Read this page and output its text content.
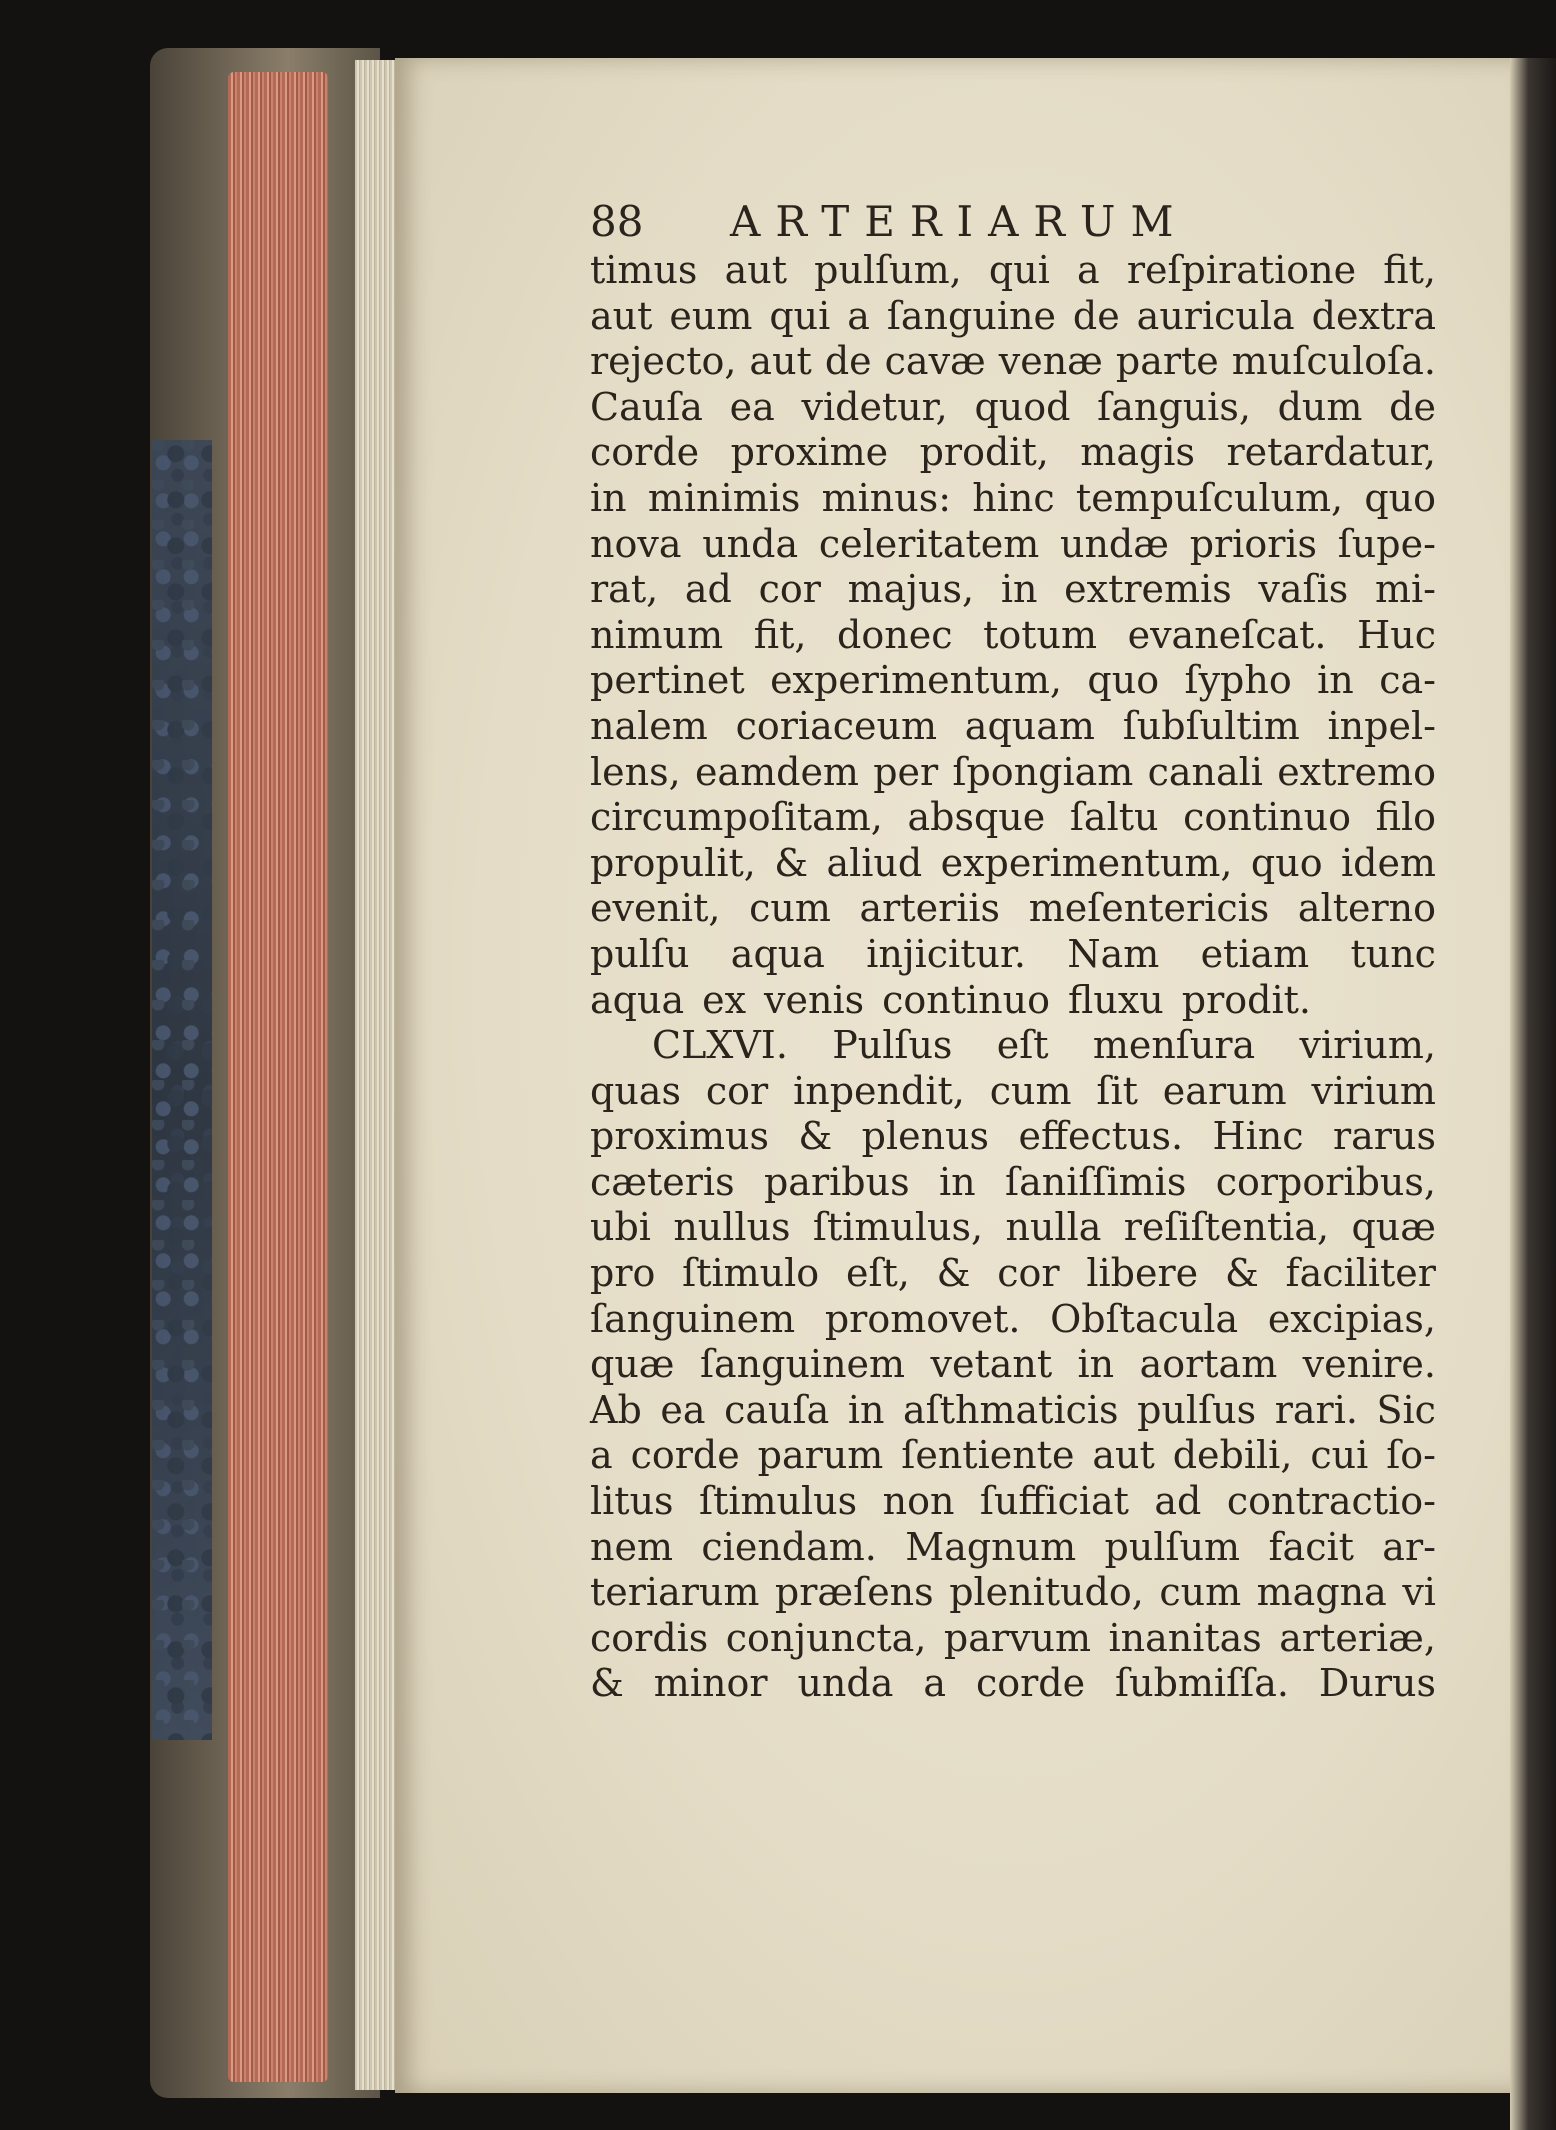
88	ARTERIARUM
timus aut pulſum, qui a reſpiratione fit,
aut eum qui a ſanguine de auricula dextra
rejecto, aut de cavæ venæ parte muſculoſa.
Cauſa ea videtur, quod ſanguis, dum de
corde proxime prodit, magis retardatur,
in minimis minus: hinc tempuſculum, quo
nova unda celeritatem undæ prioris ſupe-
rat, ad cor majus, in extremis vaſis mi-
nimum fit, donec totum evaneſcat. Huc
pertinet experimentum, quo ſypho in ca-
nalem coriaceum aquam ſubſultim inpel-
lens, eamdem per ſpongiam canali extremo
circumpoſitam, absque ſaltu continuo filo
propulit, & aliud experimentum, quo idem
evenit, cum arteriis meſentericis alterno
pulſu aqua injicitur. Nam etiam tunc
aqua ex venis continuo fluxu prodit.
CLXVI. Pulſus eſt menſura virium,
quas cor inpendit, cum ſit earum virium
proximus & plenus effectus. Hinc rarus
cæteris paribus in ſaniſſimis corporibus,
ubi nullus ſtimulus, nulla reſiſtentia, quæ
pro ſtimulo eſt, & cor libere & faciliter
ſanguinem promovet. Obſtacula excipias,
quæ ſanguinem vetant in aortam venire.
Ab ea cauſa in aſthmaticis pulſus rari. Sic
a corde parum ſentiente aut debili, cui ſo-
litus ſtimulus non ſufficiat ad contractio-
nem ciendam. Magnum pulſum facit ar-
teriarum præſens plenitudo, cum magna vi
cordis conjuncta, parvum inanitas arteriæ,
& minor unda a corde ſubmiſſa. Durus
